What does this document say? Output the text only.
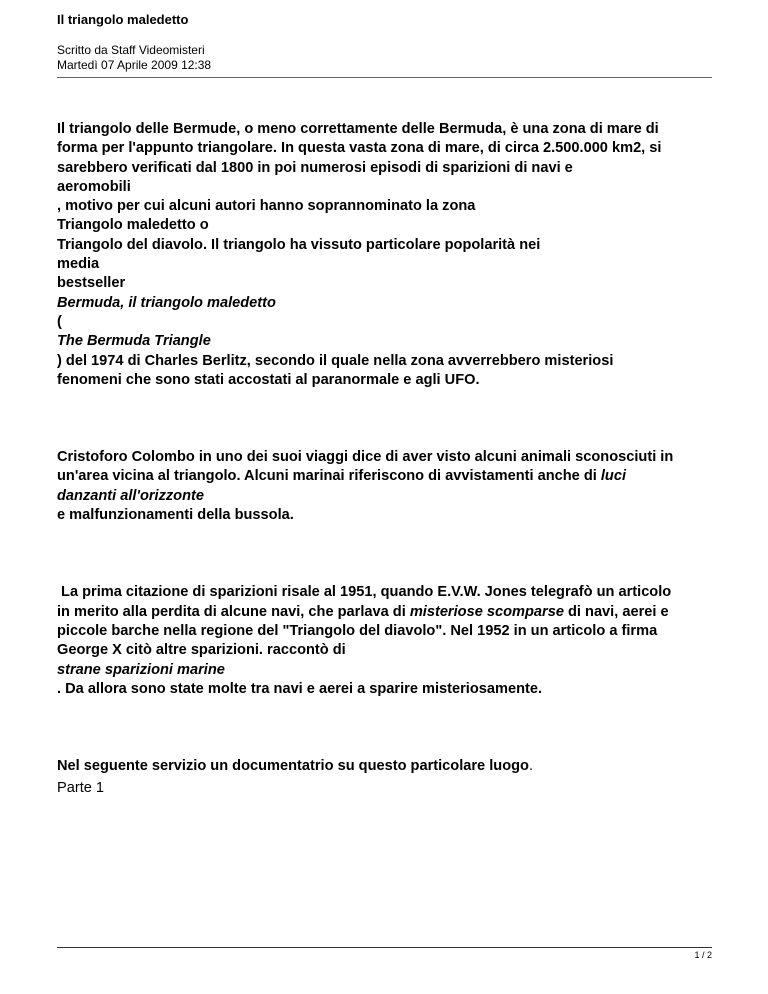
Il triangolo maledetto
Scritto da Staff Videomisteri
Martedì 07 Aprile 2009 12:38
Il triangolo delle Bermude, o meno correttamente delle Bermuda, è una zona di mare di
forma per l'appunto triangolare. In questa vasta zona di mare, di circa 2.500.000 km2, si
sarebbero verificati dal 1800 in poi numerosi episodi di sparizioni di navi e
aeromobili
, motivo per cui alcuni autori hanno soprannominato la zona
Triangolo maledetto o
Triangolo del diavolo. Il triangolo ha vissuto particolare popolarità nei
media
bestseller
Bermuda, il triangolo maledetto
(
The Bermuda Triangle
) del 1974 di Charles Berlitz, secondo il quale nella zona avverrebbero misteriosi
fenomeni che sono stati accostati al paranormale e agli UFO.
Cristoforo Colombo in uno dei suoi viaggi dice di aver visto alcuni animali sconosciuti in
un'area vicina al triangolo. Alcuni marinai riferiscono di avvistamenti anche di luci
danzanti all'orizzonte
e malfunzionamenti della bussola.
La prima citazione di sparizioni risale al 1951, quando E.V.W. Jones telegrafò un articolo
in merito alla perdita di alcune navi, che parlava di misteriose scomparse di navi, aerei e
piccole barche nella regione del "Triangolo del diavolo". Nel 1952 in un articolo a firma
George X citò altre sparizioni. raccontò di
strane sparizioni marine
. Da allora sono state molte tra navi e aerei a sparire misteriosamente.
Nel seguente servizio un documentatrio su questo particolare luogo.
Parte 1
1 / 2
